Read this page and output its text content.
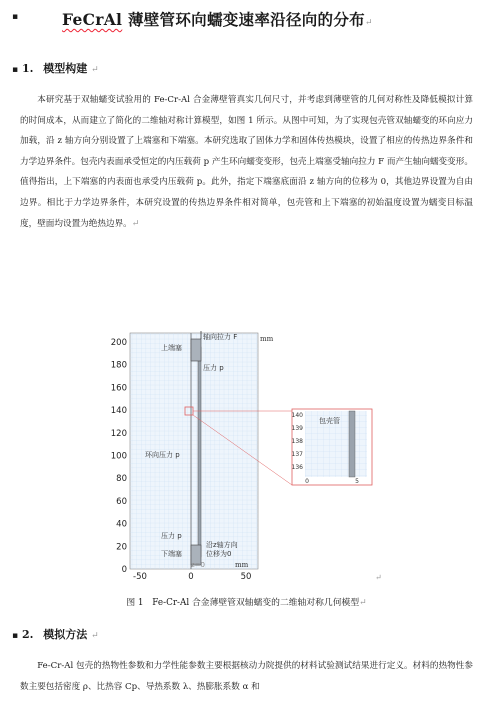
▪	FeCrAl 薄壁管环向蠕变速率沿径向的分布↵
▪ 1. 模型构建 ↵

本研究基于双轴蠕变试验用的 Fe-Cr-Al 合金薄壁管真实几何尺寸，并考虑到薄壁管的几何对称性及降低模拟计算的时间成本，从而建立了简化的二维轴对称计算模型，如图 1 所示。从图中可知，为了实现包壳管双轴蠕变的环向应力加载，沿 z 轴方向分别设置了上端塞和下端塞。本研究选取了固体力学和固体传热模块，设置了相应的传热边界条件和力学边界条件。包壳内表面承受恒定的内压载荷 p 产生环向蠕变变形，包壳上端塞受轴向拉力 F 而产生轴向蠕变变形。值得指出，上下端塞的内表面也承受内压载荷 p。此外，指定下端塞底面沿 z 轴方向的位移为 0，其他边界设置为自由边界。相比于力学边界条件，本研究设置的传热边界条件相对简单，包壳管和上下端塞的初始温度设置为蠕变目标温度，壁面均设置为绝热边界。↵

0
20
40
60
80
100
120
140
160
180
200
-50	0	50
mm
mm
轴向拉力 F
上端塞
压力 p
环向压力 p
压力 p
下端塞
沿z轴方向
位移为0
z=0
140
139
138
137
136
0	5
包壳管
↵
图 1　Fe-Cr-Al 合金薄壁管双轴蠕变的二维轴对称几何模型↵
▪ 2. 模拟方法 ↵

Fe-Cr-Al 包壳的热物性参数和力学性能参数主要根据核动力院提供的材料试验测试结果进行定义。材料的热物性参数主要包括密度 ρ、比热容 Cp、导热系数 λ、热膨胀系数 α 和
